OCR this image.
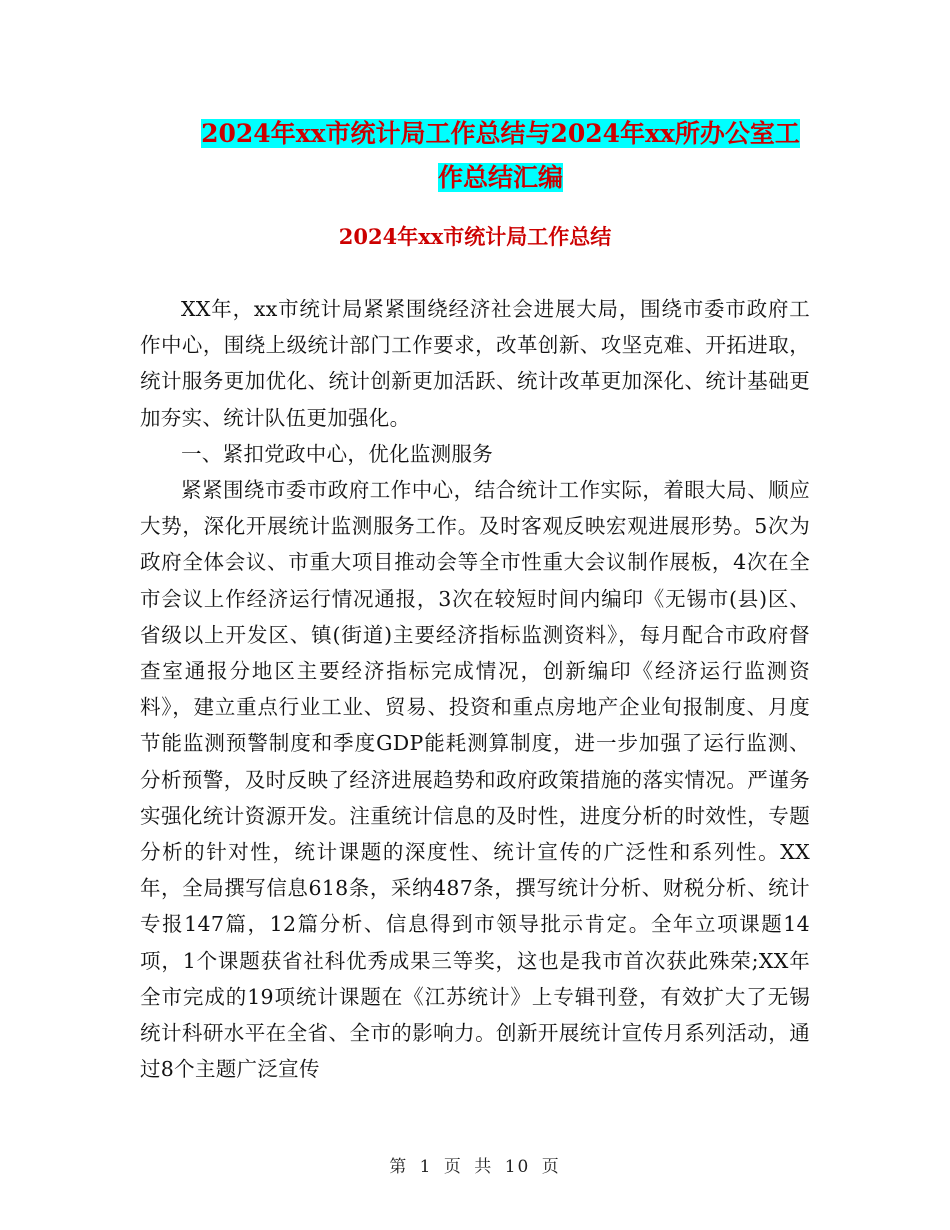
2024年xx市统计局工作总结与2024年xx所办公室工
作总结汇编
2024年xx市统计局工作总结

XX年，xx市统计局紧紧围绕经济社会进展大局，围绕市委市政府工作中心，围绕上级统计部门工作要求，改革创新、攻坚克难、开拓进取，统计服务更加优化、统计创新更加活跃、统计改革更加深化、统计基础更加夯实、统计队伍更加强化。

一、紧扣党政中心，优化监测服务

紧紧围绕市委市政府工作中心，结合统计工作实际，着眼大局、顺应大势，深化开展统计监测服务工作。及时客观反映宏观进展形势。5次为政府全体会议、市重大项目推动会等全市性重大会议制作展板，4次在全市会议上作经济运行情况通报，3次在较短时间内编印《无锡市(县)区、省级以上开发区、镇(街道)主要经济指标监测资料》，每月配合市政府督查室通报分地区主要经济指标完成情况，创新编印《经济运行监测资料》，建立重点行业工业、贸易、投资和重点房地产企业旬报制度、月度节能监测预警制度和季度GDP能耗测算制度，进一步加强了运行监测、分析预警，及时反映了经济进展趋势和政府政策措施的落实情况。严谨务实强化统计资源开发。注重统计信息的及时性，进度分析的时效性，专题分析的针对性，统计课题的深度性、统计宣传的广泛性和系列性。XX年，全局撰写信息618条，采纳487条，撰写统计分析、财税分析、统计专报147篇，12篇分析、信息得到市领导批示肯定。全年立项课题14项，1个课题获省社科优秀成果三等奖，这也是我市首次获此殊荣;XX年全市完成的19项统计课题在《江苏统计》上专辑刊登，有效扩大了无锡统计科研水平在全省、全市的影响力。创新开展统计宣传月系列活动，通过8个主题广泛宣传

第 1 页 共 10 页
